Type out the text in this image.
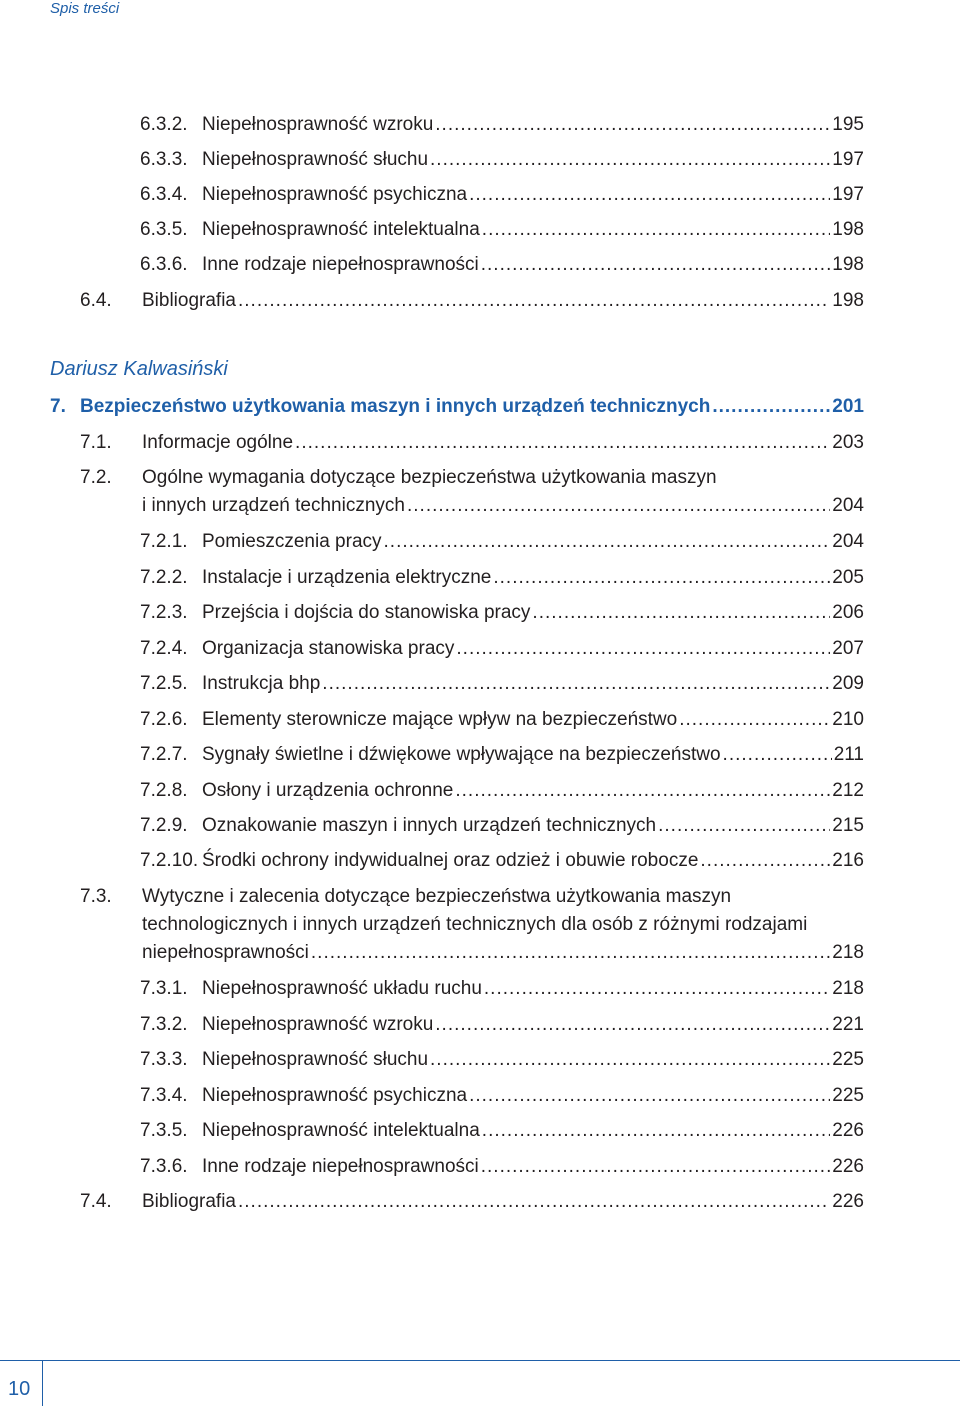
Spis treści
6.3.2. Niepełnosprawność wzroku .....	195
6.3.3. Niepełnosprawność słuchu .....	197
6.3.4. Niepełnosprawność psychiczna .....	197
6.3.5. Niepełnosprawność intelektualna .....	198
6.3.6. Inne rodzaje niepełnosprawności .....	198
6.4. Bibliografia .....	198
Dariusz Kalwasiński
7. Bezpieczeństwo użytkowania maszyn i innych urządzeń technicznych .....	201
7.1. Informacje ogólne .....	203
7.2. Ogólne wymagania dotyczące bezpieczeństwa użytkowania maszyn
i innych urządzeń technicznych .....	204
7.2.1. Pomieszczenia pracy .....	204
7.2.2. Instalacje i urządzenia elektryczne .....	205
7.2.3. Przejścia i dojścia do stanowiska pracy .....	206
7.2.4. Organizacja stanowiska pracy .....	207
7.2.5. Instrukcja bhp .....	209
7.2.6. Elementy sterownicze mające wpływ na bezpieczeństwo .....	210
7.2.7. Sygnały świetlne i dźwiękowe wpływające na bezpieczeństwo .....	211
7.2.8. Osłony i urządzenia ochronne .....	212
7.2.9. Oznakowanie maszyn i innych urządzeń technicznych .....	215
7.2.10. Środki ochrony indywidualnej oraz odzież i obuwie robocze .....	216
7.3. Wytyczne i zalecenia dotyczące bezpieczeństwa użytkowania maszyn
technologicznych i innych urządzeń technicznych dla osób z różnymi rodzajami
niepełnosprawności .....	218
7.3.1. Niepełnosprawność układu ruchu .....	218
7.3.2. Niepełnosprawność wzroku .....	221
7.3.3. Niepełnosprawność słuchu .....	225
7.3.4. Niepełnosprawność psychiczna .....	225
7.3.5. Niepełnosprawność intelektualna .....	226
7.3.6. Inne rodzaje niepełnosprawności .....	226
7.4. Bibliografia .....	226
10
